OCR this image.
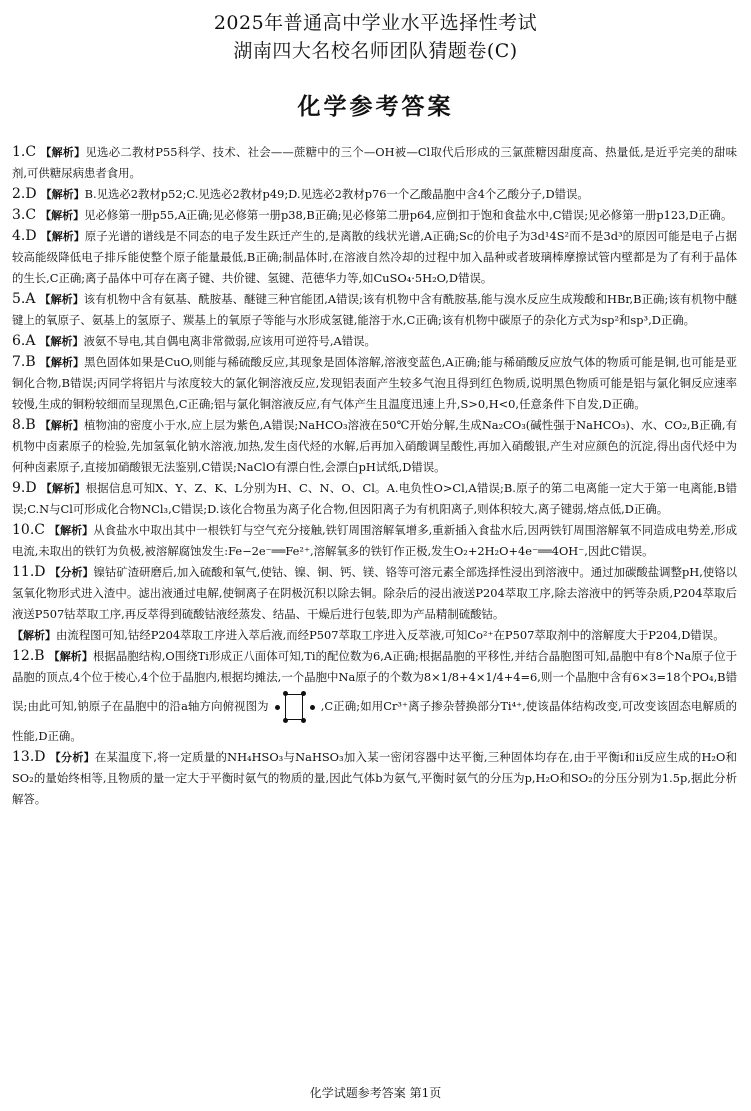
2025年普通高中学业水平选择性考试
湖南四大名校名师团队猜题卷(C)
化学参考答案
1.C 【解析】见选必二教材P55科学、技术、社会——蔗糖中的三个—OH被—Cl取代后形成的三氯蔗糖因甜度高、热量低,是近乎完美的甜味剂,可供糖尿病患者食用。
2.D 【解析】B.见选必2教材p52;C.见选必2教材p49;D.见选必2教材p76一个乙酸晶胞中含4个乙酸分子,D错误。
3.C 【解析】见必修第一册p55,A正确;见必修第一册p38,B正确;见必修第二册p64,应倒扣于饱和食盐水中,C错误;见必修第一册p123,D正确。
4.D 【解析】原子光谱的谱线是不同态的电子发生跃迁产生的,是离散的线状光谱,A正确;Sc的价电子为3d¹4S²而不是3d³的原因可能是电子占据较高能级降低电子排斥能使整个原子能量最低,B正确;制晶体时,在溶液自然冷却的过程中加入晶种或者玻璃棒摩擦试管内壁都是为了有利于晶体的生长,C正确;离子晶体中可存在离子键、共价键、氢键、范德华力等,如CuSO₄·5H₂O,D错误。
5.A 【解析】该有机物中含有氨基、酰胺基、醚键三种官能团,A错误;该有机物中含有酰胺基,能与溴水反应生成羧酸和HBr,B正确;该有机物中醚键上的氧原子、氨基上的氢原子、羰基上的氧原子等能与水形成氢键,能溶于水,C正确;该有机物中碳原子的杂化方式为sp²和sp³,D正确。
6.A 【解析】液氨不导电,其自偶电离非常微弱,应该用可逆符号,A错误。
7.B 【解析】黑色固体如果是CuO,则能与稀硫酸反应,其现象是固体溶解,溶液变蓝色,A正确;能与稀硝酸反应放气体的物质可能是铜,也可能是亚铜化合物,B错误;丙同学将铝片与浓度较大的氯化铜溶液反应,发现铝表面产生较多气泡且得到红色物质,说明黑色物质可能是铝与氯化铜反应速率较慢,生成的铜粉较细而呈现黑色,C正确;铝与氯化铜溶液反应,有气体产生且温度迅速上升,S>0,H<0,任意条件下自发,D正确。
8.B 【解析】植物油的密度小于水,应上层为紫色,A错误;NaHCO₃溶液在50℃开始分解,生成Na₂CO₃(碱性强于NaHCO₃)、水、CO₂,B正确,有机物中卤素原子的检验,先加氢氧化钠水溶液,加热,发生卤代烃的水解,后再加入硝酸调呈酸性,再加入硝酸银,产生对应颜色的沉淀,得出卤代烃中为何种卤素原子,直接加硝酸银无法鉴别,C错误;NaClO有漂白性,会漂白pH试纸,D错误。
9.D 【解析】根据信息可知X、Y、Z、K、L分别为H、C、N、O、Cl。A.电负性O>Cl,A错误;B.原子的第二电离能一定大于第一电离能,B错误;C.N与Cl可形成化合物NCl₃,C错误;D.该化合物虽为离子化合物,但因阳离子为有机阳离子,则体积较大,离子键弱,熔点低,D正确。
10.C 【解析】从食盐水中取出其中一根铁钉与空气充分接触,铁钉周围溶解氧增多,重新插入食盐水后,因两铁钉周围溶解氧不同造成电势差,形成电流,未取出的铁钉为负极,被溶解腐蚀发生:Fe−2e⁻══Fe²⁺,溶解氧多的铁钉作正极,发生O₂+2H₂O+4e⁻══4OH⁻,因此C错误。
11.D 【分析】镍钴矿渣研磨后,加入硫酸和氧气,使钴、镍、铜、钙、镁、铬等可溶元素全部选择性浸出到溶液中。通过加碳酸盐调整pH,使铬以氢氧化物形式进入渣中。滤出液通过电解,使铜离子在阴极沉积以除去铜。除杂后的浸出液送P204萃取工序,除去溶液中的钙等杂质,P204萃取后液送P507钴萃取工序,再反萃得到硫酸钴液经蒸发、结晶、干燥后进行包装,即为产品精制硫酸钴。
【解析】由流程图可知,钴经P204萃取工序进入萃后液,而经P507萃取工序进入反萃液,可知Co²⁺在P507萃取剂中的溶解度大于P204,D错误。
12.B 【解析】根据晶胞结构,O围绕Ti形成正八面体可知,Ti的配位数为6,A正确;根据晶胞的平移性,并结合晶胞图可知,晶胞中有8个Na原子位于晶胞的顶点,4个位于棱心,4个位于晶胞内,根据均摊法,一个晶胞中Na原子的个数为8×1/8+4×1/4+4=6,则一个晶胞中含有6×3=18个PO₄,B错误;由此可知,钠原子在晶胞中的沿a轴方向俯视图为	,C正确;如用Cr³⁺离子掺杂替换部分Ti⁴⁺,使该晶体结构改变,可改变该固态电解质的性能,D正确。
13.D 【分析】在某温度下,将一定质量的NH₄HSO₃与NaHSO₃加入某一密闭容器中达平衡,三种固体均存在,由于平衡ⅰ和ⅱ反应生成的H₂O和SO₂的量始终相等,且物质的量一定大于平衡时氨气的物质的量,因此气体b为氨气,平衡时氨气的分压为p,H₂O和SO₂的分压分别为1.5p,据此分析解答。
化学试题参考答案 第1页
